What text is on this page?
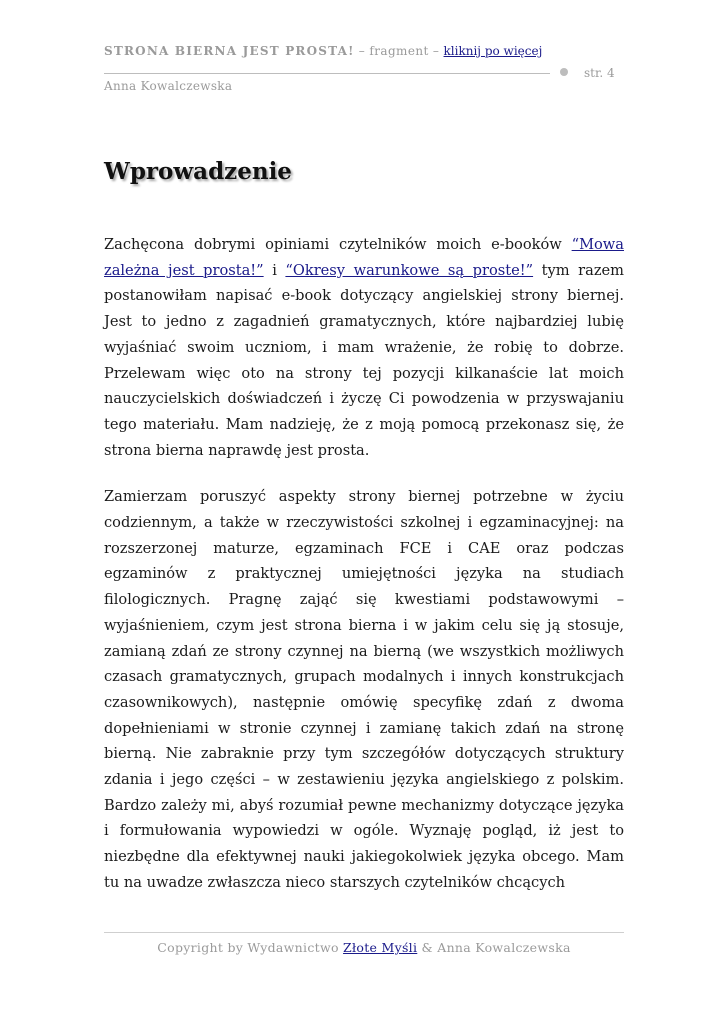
STRONA BIERNA JEST PROSTA! – fragment – kliknij po więcej
str. 4
Anna Kowalczewska
Wprowadzenie

Zachęcona dobrymi opiniami czytelników moich e-booków “Mowa zależna jest prosta!” i “Okresy warunkowe są proste!” tym razem postanowiłam napisać e-book dotyczący angielskiej strony biernej. Jest to jedno z zagadnień gramatycznych, które najbardziej lubię wyjaśniać swoim uczniom, i mam wrażenie, że robię to dobrze. Przelewam więc oto na strony tej pozycji kilkanaście lat moich nauczycielskich doświadczeń i życzę Ci powodzenia w przyswajaniu tego materiału. Mam nadzieję, że z moją pomocą przekonasz się, że strona bierna naprawdę jest prosta.

Zamierzam poruszyć aspekty strony biernej potrzebne w życiu codziennym, a także w rzeczywistości szkolnej i egzaminacyjnej: na rozszerzonej maturze, egzaminach FCE i CAE oraz podczas egzaminów z praktycznej umiejętności języka na studiach filologicznych. Pragnę zająć się kwestiami podstawowymi – wyjaśnieniem, czym jest strona bierna i w jakim celu się ją stosuje, zamianą zdań ze strony czynnej na bierną (we wszystkich możliwych czasach gramatycznych, grupach modalnych i innych konstrukcjach czasownikowych), następnie omówię specyfikę zdań z dwoma dopełnieniami w stronie czynnej i zamianę takich zdań na stronę bierną. Nie zabraknie przy tym szczegółów dotyczących struktury zdania i jego części – w zestawieniu języka angielskiego z polskim. Bardzo zależy mi, abyś rozumiał pewne mechanizmy dotyczące języka i formułowania wypowiedzi w ogóle. Wyznaję pogląd, iż jest to niezbędne dla efektywnej nauki jakiegokolwiek języka obcego. Mam tu na uwadze zwłaszcza nieco starszych czytelników chcących

Copyright by Wydawnictwo Złote Myśli & Anna Kowalczewska
